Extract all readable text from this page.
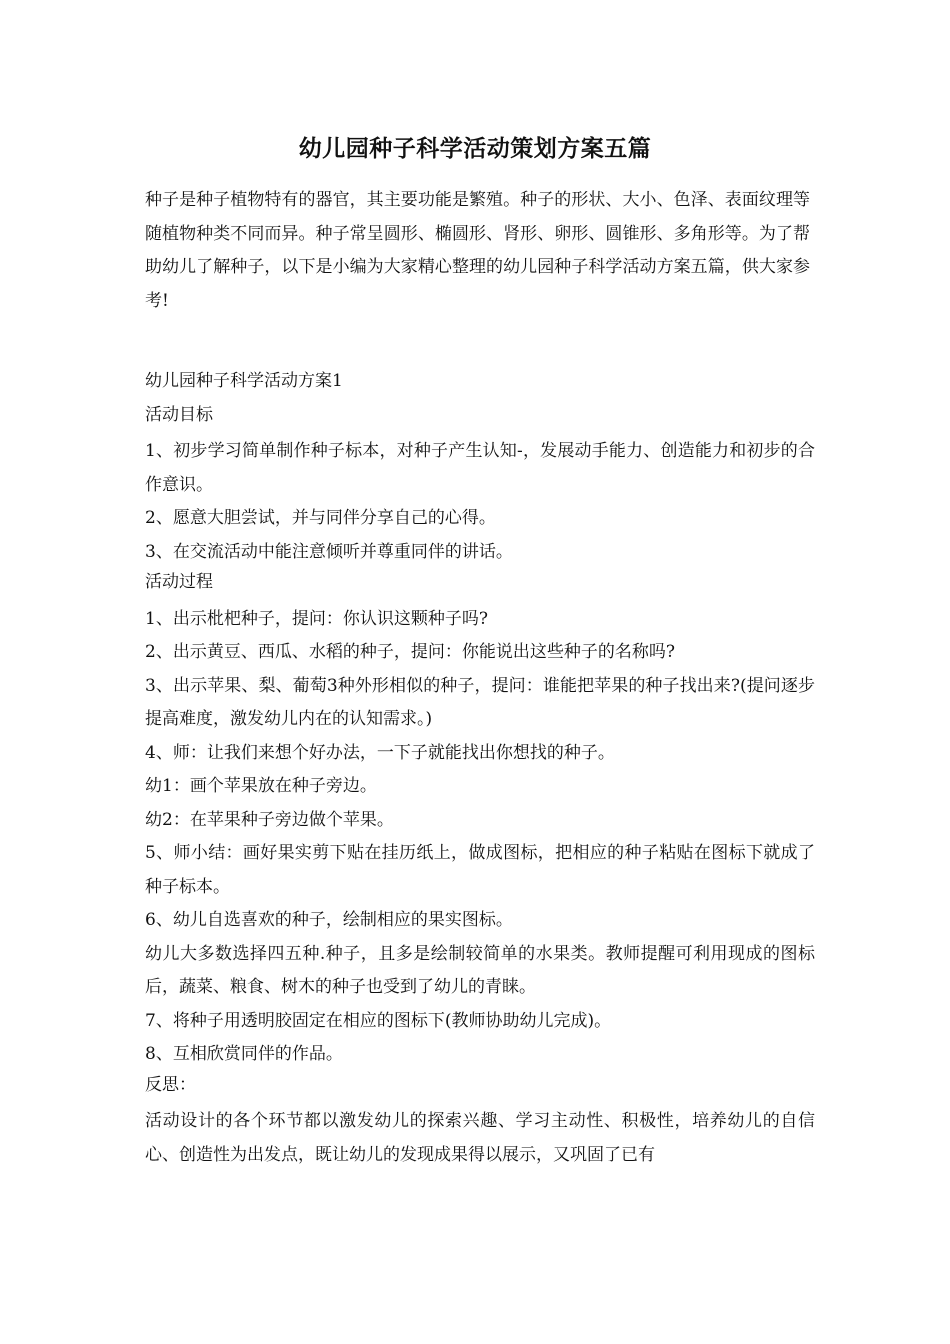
幼儿园种子科学活动策划方案五篇
种子是种子植物特有的器官，其主要功能是繁殖。种子的形状、大小、色泽、表面纹理等随植物种类不同而异。种子常呈圆形、椭圆形、肾形、卵形、圆锥形、多角形等。为了帮助幼儿了解种子，以下是小编为大家精心整理的幼儿园种子科学活动方案五篇，供大家参考!

幼儿园种子科学活动方案1

活动目标

1、初步学习简单制作种子标本，对种子产生认知-，发展动手能力、创造能力和初步的合作意识。

2、愿意大胆尝试，并与同伴分享自己的心得。

3、在交流活动中能注意倾听并尊重同伴的讲话。

活动过程

1、出示枇杷种子，提问：你认识这颗种子吗?

2、出示黄豆、西瓜、水稻的种子，提问：你能说出这些种子的名称吗?

3、出示苹果、梨、葡萄3种外形相似的种子，提问：谁能把苹果的种子找出来?(提问逐步提高难度，激发幼儿内在的认知需求。)

4、师：让我们来想个好办法，一下子就能找出你想找的种子。

幼1：画个苹果放在种子旁边。

幼2：在苹果种子旁边做个苹果。

5、师小结：画好果实剪下贴在挂历纸上，做成图标，把相应的种子粘贴在图标下就成了种子标本。

6、幼儿自选喜欢的种子，绘制相应的果实图标。

幼儿大多数选择四五种.种子，且多是绘制较简单的水果类。教师提醒可利用现成的图标后，蔬菜、粮食、树木的种子也受到了幼儿的青睐。

7、将种子用透明胶固定在相应的图标下(教师协助幼儿完成)。

8、互相欣赏同伴的作品。

反思：

活动设计的各个环节都以激发幼儿的探索兴趣、学习主动性、积极性，培养幼儿的自信心、创造性为出发点，既让幼儿的发现成果得以展示，又巩固了已有
